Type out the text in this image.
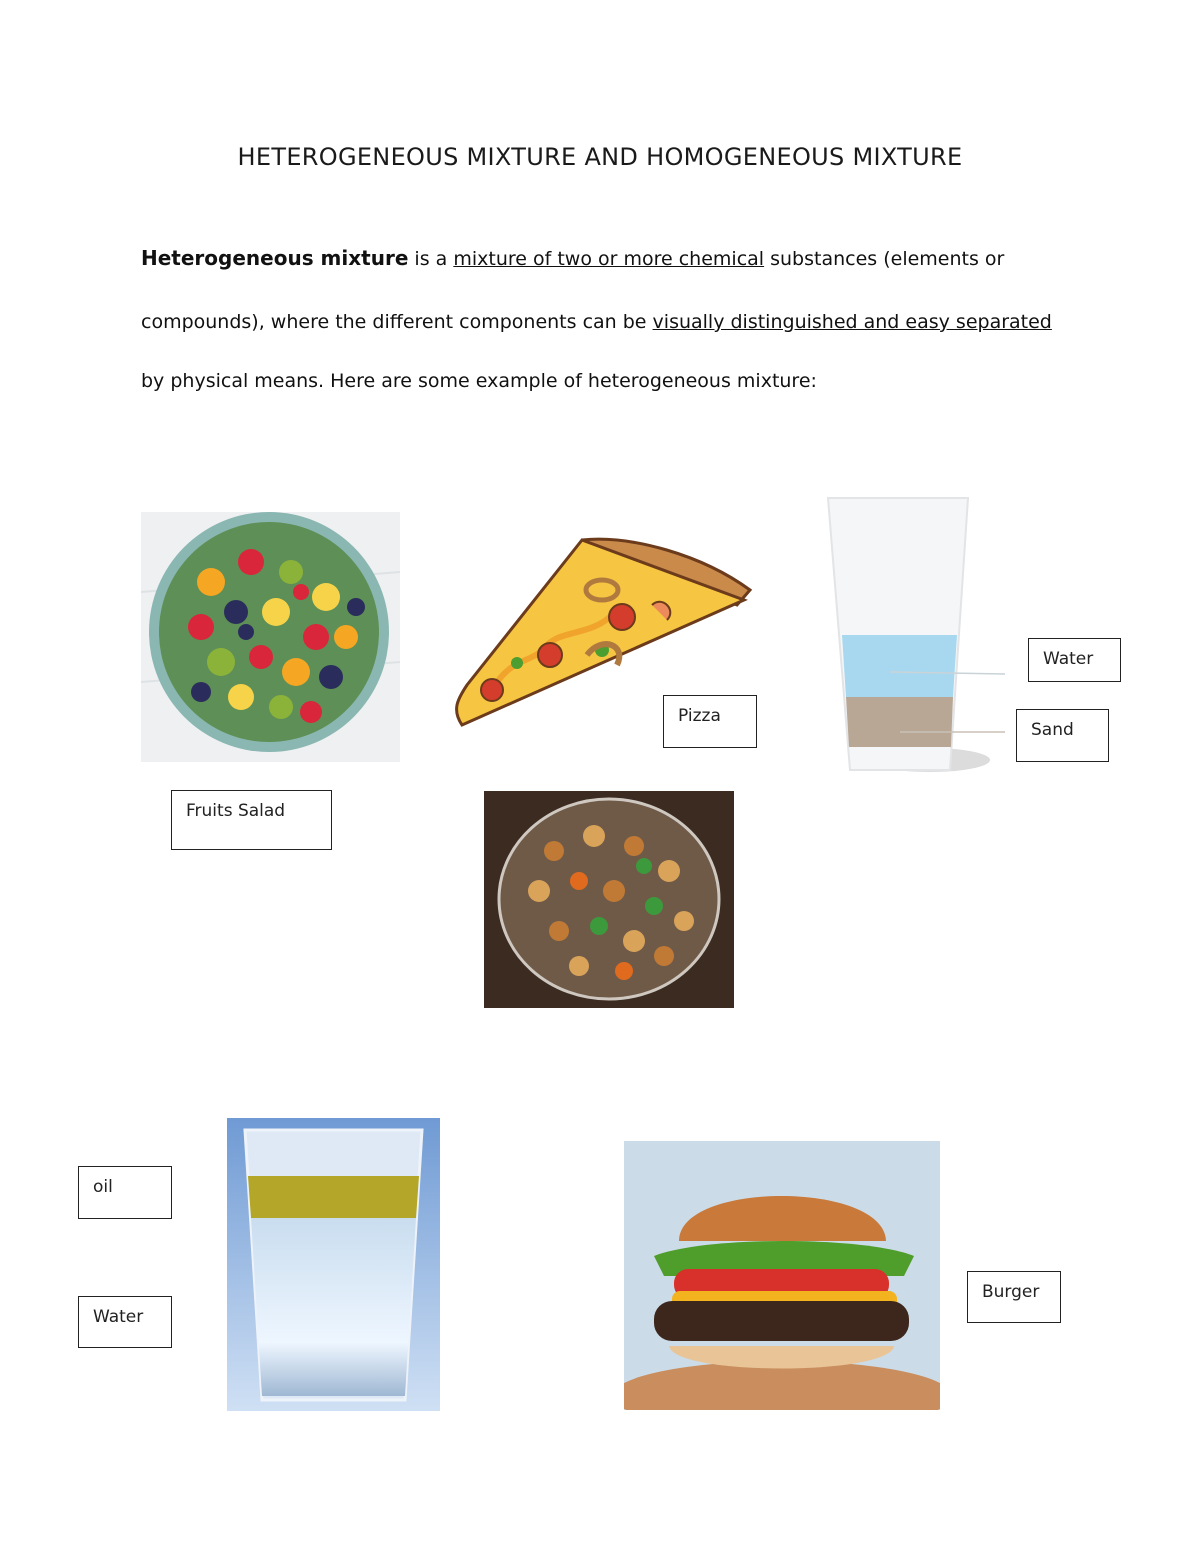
HETEROGENEOUS MIXTURE AND HOMOGENEOUS MIXTURE
Heterogeneous mixture is a mixture of two or more chemical substances (elements or
compounds), where the different components can be visually distinguished and easy separated
by physical means. Here are some example of heterogeneous mixture:
Fruits Salad
Pizza
Water
Sand
oil
Water
Burger
